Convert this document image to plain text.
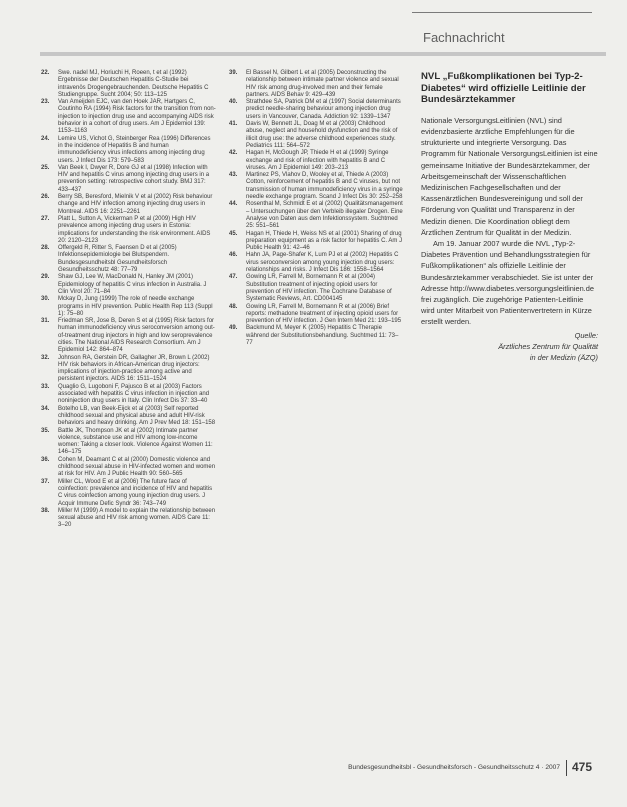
Fachnachricht
22.	Swe. nadel MJ, Horiuchi H, Roeen, t et al (1992) Ergebnisse der Deutschen Hepatitis C-Studie bei intravenös Drogengebrauchenden. Deutsche Hepatitis C Studiengruppe. Sucht 2004; 50: 113–125
23.	Van Ameijden EJC, van den Hoek JAR, Hartgers C, Coutinho RA (1994) Risk factors for the transition from non-injection to injection drug use and accompanying AIDS risk behavior in a cohort of drug users. Am J Epidemiol 139: 1153–1163
24.	Lemire US, Vichot G, Steinberger Rea (1996) Differences in the incidence of Hepatitis B and human immunodeficiency virus infections among injecting drug users. J Infect Dis 173: 579–583
25.	Van Beek I, Dwyer R, Dore GJ et al (1998) Infection with HIV and hepatitis C virus among injecting drug users in a prevention setting: retrospective cohort study. BMJ 317: 433–437
26.	Berry SB, Beresford, Mielnik V et al (2002) Risk behaviour change and HIV infection among injecting drug users in Montreal. AIDS 16: 2251–2261
27.	Platt L, Sutton A, Vickerman P et al (2009) High HIV prevalence among injecting drug users in Estonia: implications for understanding the risk environment. AIDS 20: 2120–2123
28.	Offergeld R, Ritter S, Faensen D et al (2005) Infektionsepidemiologie bei Blutspendern. Bundesgesundheitsbl Gesundheitsforsch Gesundheitsschutz 48: 77–79
29.	Shaw GJ, Lee W, MacDonald N, Hanley JM (2001) Epidemiology of hepatitis C virus infection in Australia. J Clin Virol 20: 71–84
30.	Mckay D, Jung (1999) The role of needle exchange programs in HIV prevention. Public Health Rep 113 (Suppl 1): 75–80
31.	Friedman SR, Jose B, Deren S et al (1995) Risk factors for human immunodeficiency virus seroconversion among out-of-treatment drug injectors in high and low seroprevalence cities. The National AIDS Research Consortium. Am J Epidemiol 142: 864–874
32.	Johnson RA, Gerstein DR, Gallagher JR, Brown L (2002) HIV risk behaviors in African-American drug injectors: implications of injection-practice among active and persistent injectors. AIDS 16: 1511–1524
33.	Quaglio G, Lugoboni F, Pajusco B et al (2003) Factors associated with hepatitis C virus infection in injection and noninjection drug users in Italy. Clin Infect Dis 37: 33–40
34.	Botelho LB, van Beek-Eijck et al (2003) Self reported childhood sexual and physical abuse and adult HIV-risk behaviors and heavy drinking. Am J Prev Med 18: 151–158
35.	Battle JK, Thompson JK et al (2002) Intimate partner violence, substance use and HIV among low-income women: Taking a closer look. Violence Against Women 11: 146–175
36.	Cohen M, Deamant C et al (2000) Domestic violence and childhood sexual abuse in HIV-infected women and women at risk for HIV. Am J Public Health 90: 560–565
37.	Miller CL, Wood E et al (2006) The future face of coinfection: prevalence and incidence of HIV and hepatitis C virus coinfection among young injection drug users. J Acquir Immune Defic Syndr 36: 743–749
38.	Miller M (1999) A model to explain the relationship between sexual abuse and HIV risk among women. AIDS Care 11: 3–20
39.	El Bassel N, Gilbert L et al (2005) Deconstructing the relationship between intimate partner violence and sexual HIV risk among drug-involved men and their female partners. AIDS Behav 9: 429–439
40.	Strathdee SA, Patrick DM et al (1997) Social determinants predict needle-sharing behaviour among injection drug users in Vancouver, Canada. Addiction 92: 1339–1347
41.	Davis W, Bennett JL, Doag M et al (2003) Childhood abuse, neglect and household dysfunction and the risk of illicit drug use: the adverse childhood experiences study. Pediatrics 111: 564–572
42.	Hagan H, McGough JP, Thiede H et al (1999) Syringe exchange and risk of infection with hepatitis B and C viruses. Am J Epidemiol 149: 203–213
43.	Martinez PS, Vlahov D, Wooley et al, Thiede A (2003) Cotton, reinforcement of hepatitis B and C viruses, but not transmission of human immunodeficiency virus in a syringe needle exchange program. Scand J Infect Dis 30: 252–258
44.	Rosenthal M, Schmidt E et al (2002) Qualitätsmanagement – Untersuchungen über den Verbleib illegaler Drogen. Eine Analyse von Daten aus dem Infektionssystem. Suchtmed 25: 551–561
45.	Hagan H, Thiede H, Weiss NS et al (2001) Sharing of drug preparation equipment as a risk factor for hepatitis C. Am J Public Health 91: 42–46
46.	Hahn JA, Page-Shafer K, Lum PJ et al (2002) Hepatitis C virus seroconversion among young injection drug users: relationships and risks. J Infect Dis 186: 1558–1564
47.	Gowing LR, Farrell M, Bornemann R et al (2004) Substitution treatment of injecting opioid users for prevention of HIV infection. The Cochrane Database of Systematic Reviews, Art. CD004145
48.	Gowing LR, Farrell M, Bornemann R et al (2006) Brief reports: methadone treatment of injecting opioid users for prevention of HIV infection. J Gen Intern Med 21: 193–195
49.	Backmund M, Meyer K (2005) Hepatitis C Therapie während der Substitutionsbehandlung. Suchtmed 11: 73–77
NVL „Fußkomplikationen bei Typ-2-Diabetes“ wird offizielle Leitlinie der Bundesärztekammer

Nationale VersorgungsLeitlinien (NVL) sind evidenzbasierte ärztliche Empfehlungen für die strukturierte und integrierte Versorgung. Das Programm für Nationale VersorgungsLeitlinien ist eine gemeinsame Initiative der Bundesärztekammer, der Arbeitsgemeinschaft der Wissenschaftlichen Medizinischen Fachgesellschaften und der Kassenärztlichen Bundesvereinigung und soll der Förderung von Qualität und Transparenz in der Medizin dienen. Die Koordination obliegt dem Ärztlichen Zentrum für Qualität in der Medizin.

Am 19. Januar 2007 wurde die NVL „Typ-2-Diabetes Prävention und Behandlungsstrategien für Fußkomplikationen“ als offizielle Leitlinie der Bundesärztekammer verabschiedet. Sie ist unter der Adresse http://www.diabetes.versorgungsleitlinien.de frei zugänglich. Die zugehörige Patienten-Leitlinie wird unter Mitarbeit von Patientenvertretern in Kürze erstellt werden.

Quelle:
Ärztliches Zentrum für Qualität
in der Medizin (ÄZQ)
Bundesgesundheitsbl - Gesundheitsforsch - Gesundheitsschutz 4 · 2007 475
